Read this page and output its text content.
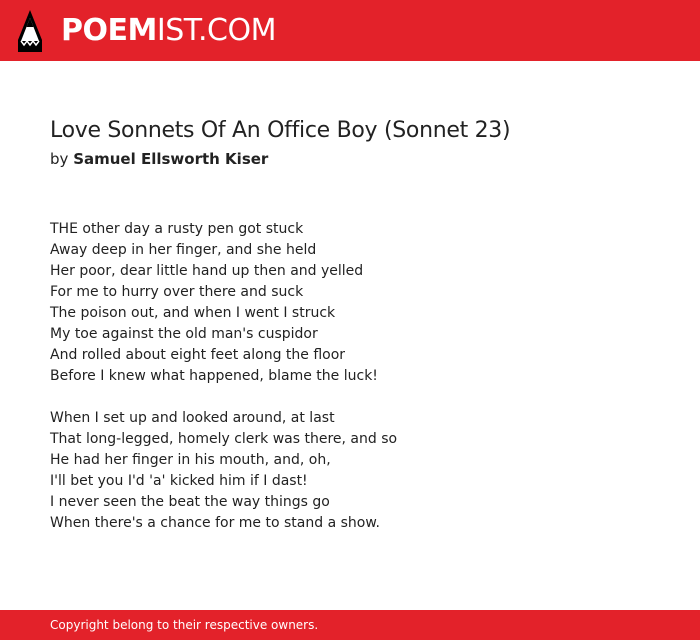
POEMIST.COM
Love Sonnets Of An Office Boy (Sonnet 23)
by Samuel Ellsworth Kiser
THE other day a rusty pen got stuck
Away deep in her finger, and she held
Her poor, dear little hand up then and yelled
For me to hurry over there and suck
The poison out, and when I went I struck
My toe against the old man's cuspidor
And rolled about eight feet along the floor
Before I knew what happened, blame the luck!
When I set up and looked around, at last
That long-legged, homely clerk was there, and so
He had her finger in his mouth, and, oh,
I'll bet you I'd 'a' kicked him if I dast!
I never seen the beat the way things go
When there's a chance for me to stand a show.
Copyright belong to their respective owners.
